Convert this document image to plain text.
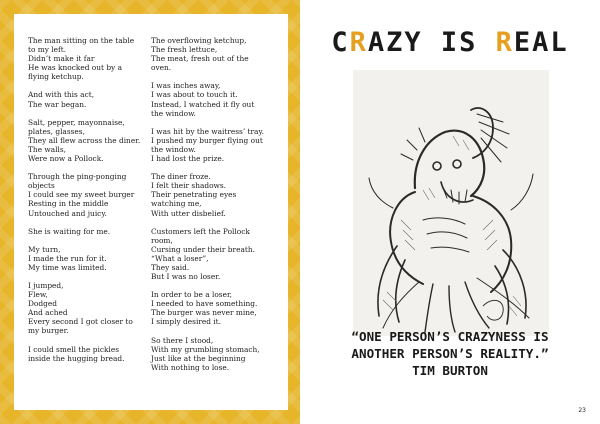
The man sitting on the table
to my left.
Didn’t make it far
He was knocked out by a
flying ketchup.
And with this act,
The war began.
Salt, pepper, mayonnaise,
plates, glasses,
They all flew across the diner.
The walls,
Were now a Pollock.
Through the ping-ponging
objects
I could see my sweet burger
Resting in the middle
Untouched and juicy.
She is waiting for me.
My turn,
I made the run for it.
My time was limited.
I jumped,
Flew,
Dodged
And ached
Every second I got closer to
my burger.
I could smell the pickles
inside the hugging bread.
The overflowing ketchup,
The fresh lettuce,
The meat, fresh out of the
oven.
I was inches away,
I was about to touch it.
Instead, I watched it fly out
the window.
I was hit by the waitress’ tray.
I pushed my burger flying out
the window.
I had lost the prize.
The diner froze.
I felt their shadows.
Their penetrating eyes
watching me,
With utter disbelief.
Customers left the Pollock
room,
Cursing under their breath.
“What a loser”,
They said.
But I was no loser.
In order to be a loser,
I needed to have something.
The burger was never mine,
I simply desired it.
So there I stood,
With my grumbling stomach,
Just like at the beginning
With nothing to lose.
CRAZY IS REAL
“ONE PERSON’S CRAZYNESS IS
ANOTHER PERSON’S REALITY.”
TIM BURTON
23
